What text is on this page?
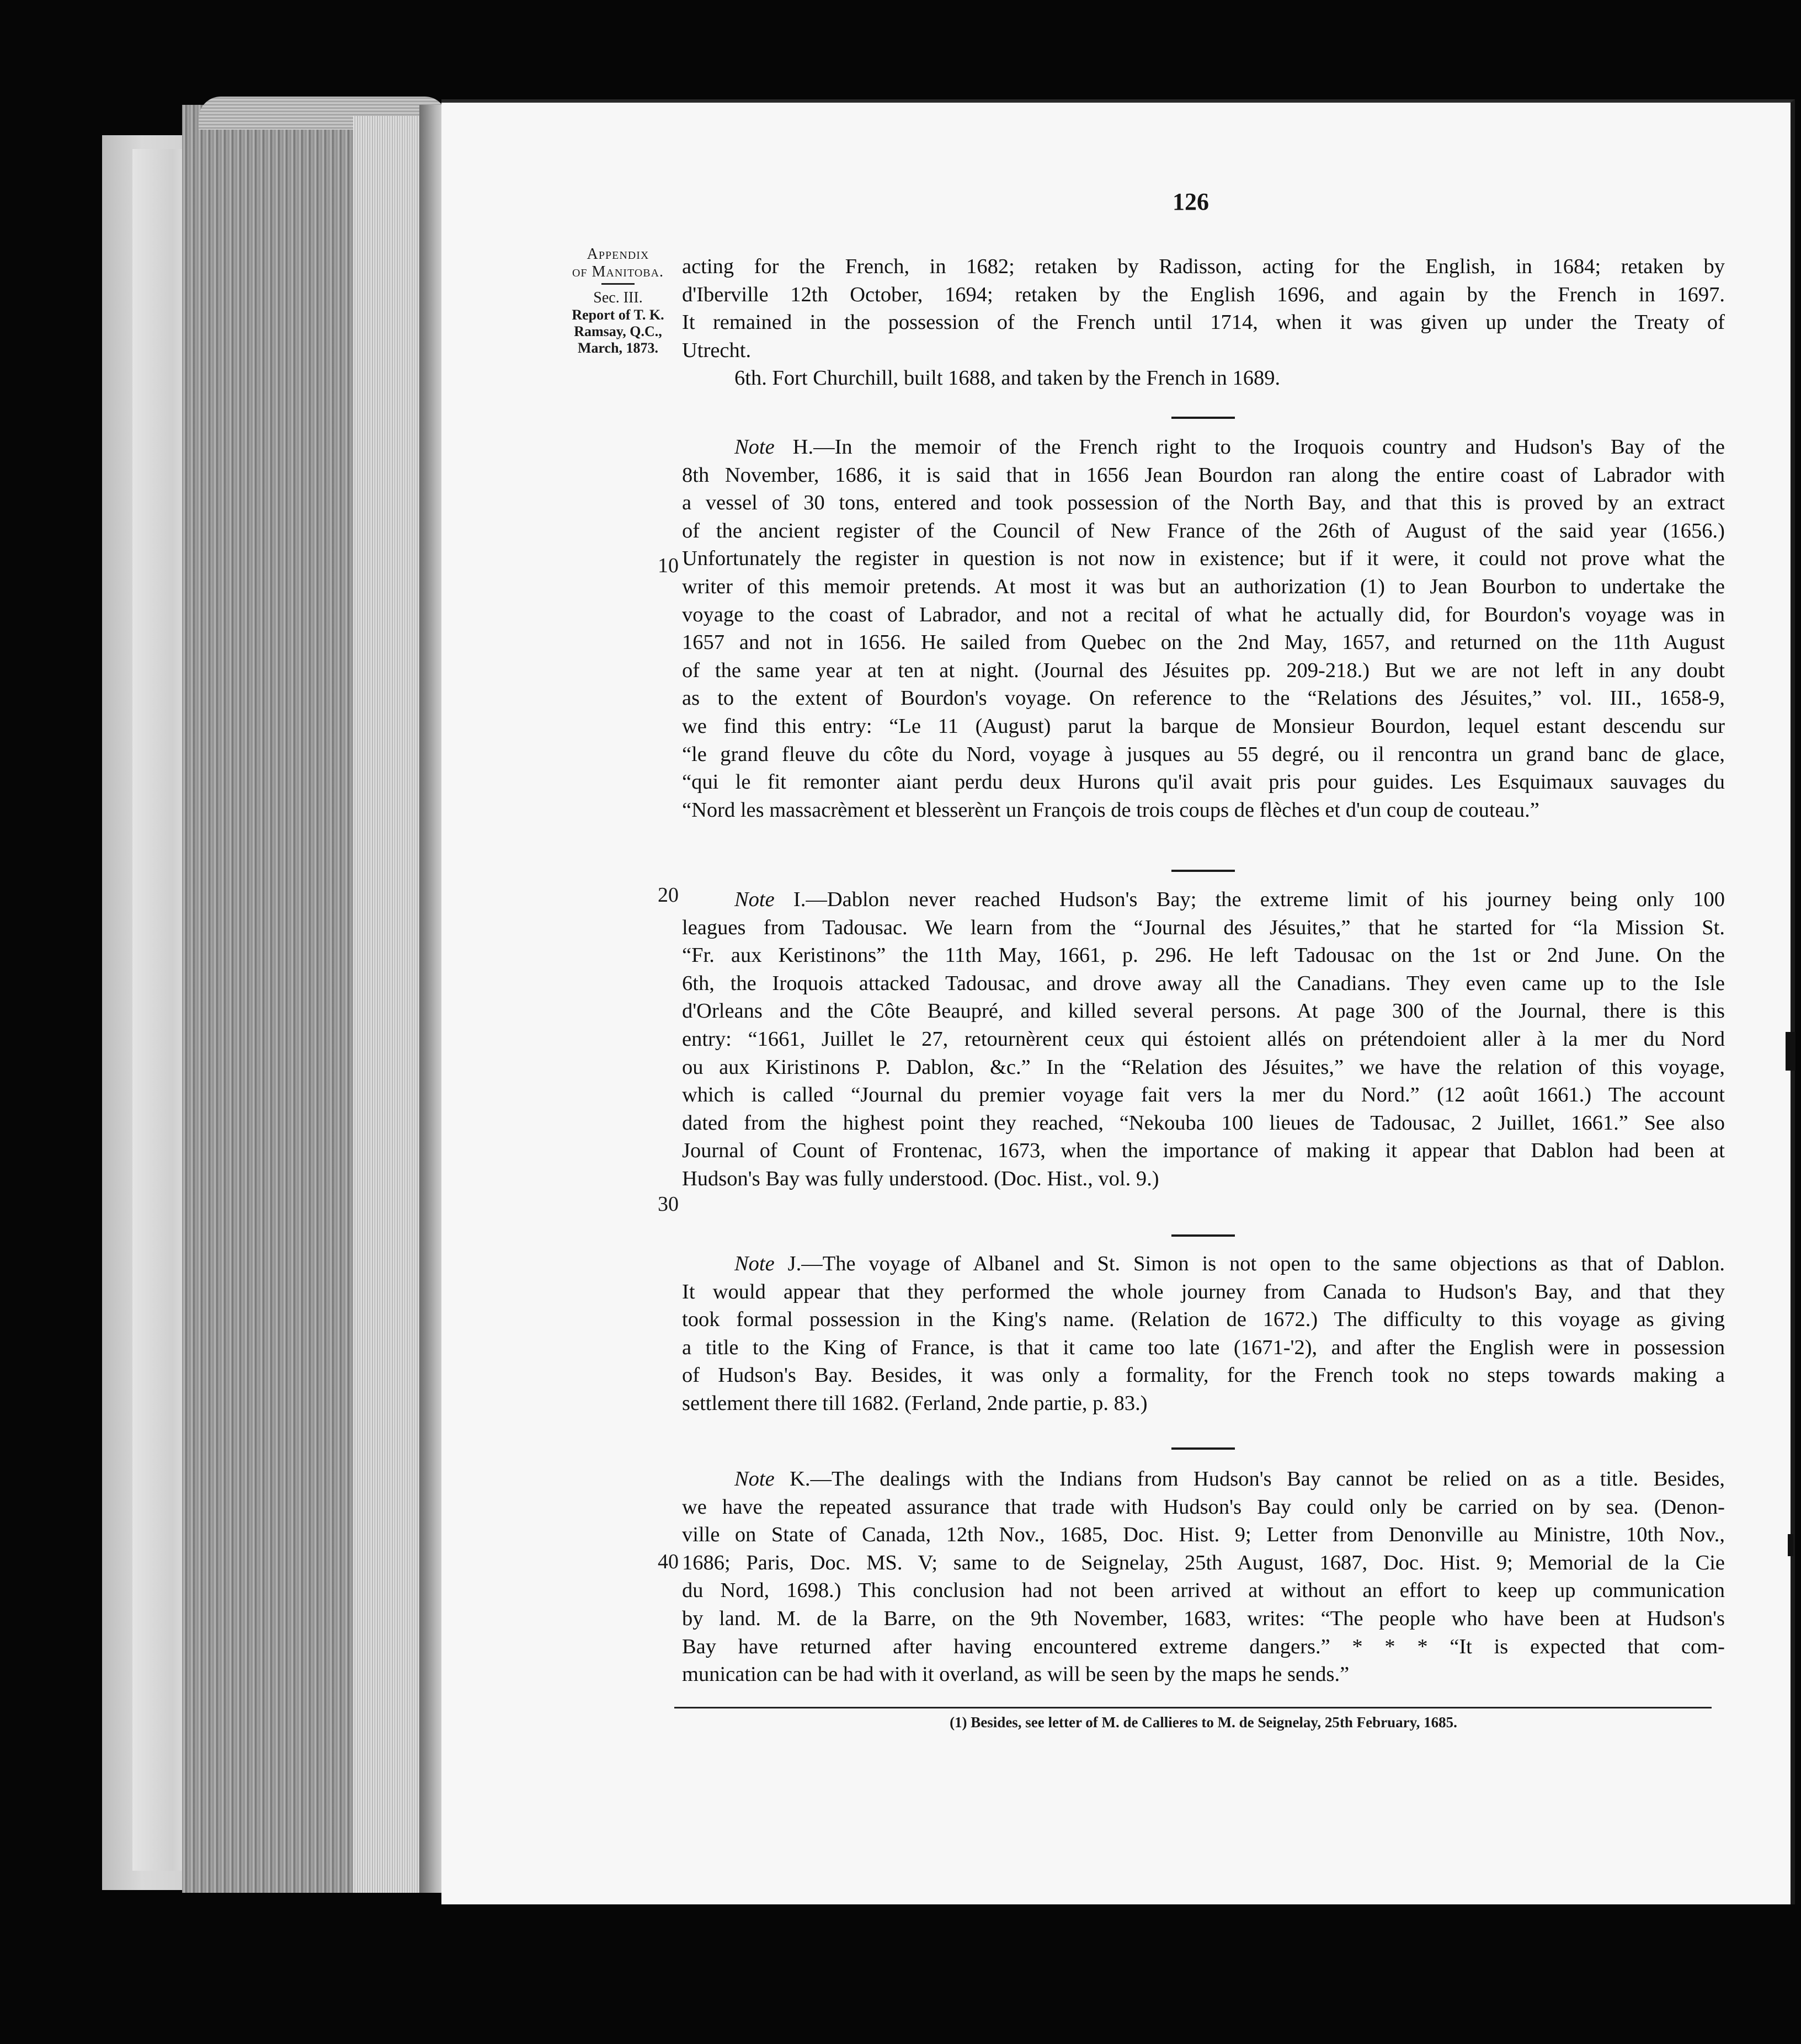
126
Appendix
of Manitoba.
Sec. III.
Report of T. K.
Ramsay, Q.C.,
March, 1873.
10
20
30
40

acting for the French, in 1682; retaken by Radisson, acting for the English, in 1684; retaken by

d'Iberville 12th October, 1694; retaken by the English 1696, and again by the French in 1697.

It remained in the possession of the French until 1714, when it was given up under the Treaty of

Utrecht.

6th. Fort Churchill, built 1688, and taken by the French in 1689.

Note H.—In the memoir of the French right to the Iroquois country and Hudson's Bay of the

8th November, 1686, it is said that in 1656 Jean Bourdon ran along the entire coast of Labrador with

a vessel of 30 tons, entered and took possession of the North Bay, and that this is proved by an extract

of the ancient register of the Council of New France of the 26th of August of the said year (1656.)

Unfortunately the register in question is not now in existence; but if it were, it could not prove what the

writer of this memoir pretends. At most it was but an authorization (1) to Jean Bourbon to undertake the

voyage to the coast of Labrador, and not a recital of what he actually did, for Bourdon's voyage was in

1657 and not in 1656. He sailed from Quebec on the 2nd May, 1657, and returned on the 11th August

of the same year at ten at night. (Journal des Jésuites pp. 209-218.) But we are not left in any doubt

as to the extent of Bourdon's voyage. On reference to the “Relations des Jésuites,” vol. III., 1658-9,

we find this entry: “Le 11 (August) parut la barque de Monsieur Bourdon, lequel estant descendu sur

“le grand fleuve du côte du Nord, voyage à jusques au 55 degré, ou il rencontra un grand banc de glace,

“qui le fit remonter aiant perdu deux Hurons qu'il avait pris pour guides. Les Esquimaux sauvages du

“Nord les massacrèment et blesserènt un François de trois coups de flèches et d'un coup de couteau.”

Note I.—Dablon never reached Hudson's Bay; the extreme limit of his journey being only 100

leagues from Tadousac. We learn from the “Journal des Jésuites,” that he started for “la Mission St.

“Fr. aux Keristinons” the 11th May, 1661, p. 296. He left Tadousac on the 1st or 2nd June. On the

6th, the Iroquois attacked Tadousac, and drove away all the Canadians. They even came up to the Isle

d'Orleans and the Côte Beaupré, and killed several persons. At page 300 of the Journal, there is this

entry: “1661, Juillet le 27, retournèrent ceux qui éstoient allés on prétendoient aller à la mer du Nord

ou aux Kiristinons P. Dablon, &c.” In the “Relation des Jésuites,” we have the relation of this voyage,

which is called “Journal du premier voyage fait vers la mer du Nord.” (12 août 1661.) The account

dated from the highest point they reached, “Nekouba 100 lieues de Tadousac, 2 Juillet, 1661.” See also

Journal of Count of Frontenac, 1673, when the importance of making it appear that Dablon had been at

Hudson's Bay was fully understood. (Doc. Hist., vol. 9.)

Note J.—The voyage of Albanel and St. Simon is not open to the same objections as that of Dablon.

It would appear that they performed the whole journey from Canada to Hudson's Bay, and that they

took formal possession in the King's name. (Relation de 1672.) The difficulty to this voyage as giving

a title to the King of France, is that it came too late (1671-'2), and after the English were in possession

of Hudson's Bay. Besides, it was only a formality, for the French took no steps towards making a

settlement there till 1682. (Ferland, 2nde partie, p. 83.)

Note K.—The dealings with the Indians from Hudson's Bay cannot be relied on as a title. Besides,

we have the repeated assurance that trade with Hudson's Bay could only be carried on by sea. (Denon-

ville on State of Canada, 12th Nov., 1685, Doc. Hist. 9; Letter from Denonville au Ministre, 10th Nov.,

1686; Paris, Doc. MS. V; same to de Seignelay, 25th August, 1687, Doc. Hist. 9; Memorial de la Cie

du Nord, 1698.) This conclusion had not been arrived at without an effort to keep up communication

by land. M. de la Barre, on the 9th November, 1683, writes: “The people who have been at Hudson's

Bay have returned after having encountered extreme dangers.” * * * “It is expected that com-

munication can be had with it overland, as will be seen by the maps he sends.”

(1) Besides, see letter of M. de Callieres to M. de Seignelay, 25th February, 1685.
